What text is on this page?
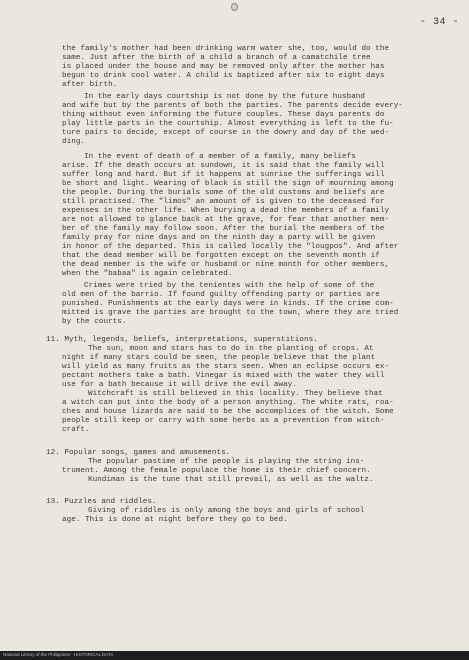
- 34 -
the family's mother had been drinking warm water she, too, would do the
same. Just after the birth of a child a branch of a camatchile tree
is placed under the house and may be removed only after the mother has
begun to drink cool water. A child is baptized after six to eight days
after birth.
In the early days courtship is not done by the future husband
and wife but by the parents of both the parties. The parents decide every-
thing without even informing the future couples. These days parents do
play little parts in the courtship. Almost everything is left to the fu-
ture pairs to decide, except of course in the dowry and day of the wed-
ding.
In the event of death of a member of a family, many beliefs
arise. If the death occurs at sundown, it is said that the family will
suffer long and hard. But if it happens at sunrise the sufferings will
be short and light. Wearing of black is still the sign of mourning among
the people. During the burials some of the old customs and beliefs are
still practised. The "limos" an amount of is given to the deceased for
expenses in the other life. When burying a dead the members of a family
are not allowed to glance back at the grave, for fear that another mem-
ber of the family may follow soon. After the burial the members of the
family pray for nine days and on the ninth day a party will be given
in honor of the departed. This is called locally the "lougpos". And after
that the dead member will be forgotten except on the seventh month if
the dead member is the wife or husband or nine month for other members,
when the "babaa" is again celebrated.
Crimes were tried by the tenientes with the help of some of the
old men of the barrio. If found guilty offending party or parties are
punished. Punishments at the early days were in kinds. If the crime com-
mitted is grave the parties are brought to the town, where they are tried
by the courts.
11. Myth, legends, beliefs, interpretations, superstitions.
The sun, moon and stars has to do in the planting of crops. At
night if many stars could be seen, the people believe that the plant
will yield as many fruits as the stars seen. When an eclipse occurs ex-
pectant mothers take a bath. Vinegar is mixed with the water they will
use for a bath because it will drive the evil away.
Witchcraft is still believed in this locality. They believe that
a witch can put into the body of a person anything. The white rats, roa-
ches and house lizards are said to be the accomplices of the witch. Some
people still keep or carry with some herbs as a prevention from witch-
craft.
12. Popular songs, games and amusements.
The popular pastime of the people is playing the string ins-
trument. Among the female populace the home is their chief concern.
Kundiman is the tune that still prevail, as well as the waltz.
13. Puzzles and riddles.
Giving of riddles is only among the boys and girls of school
age. This is done at night before they go to bed.
National Library of the Philippines · HISTORICAL DATA
